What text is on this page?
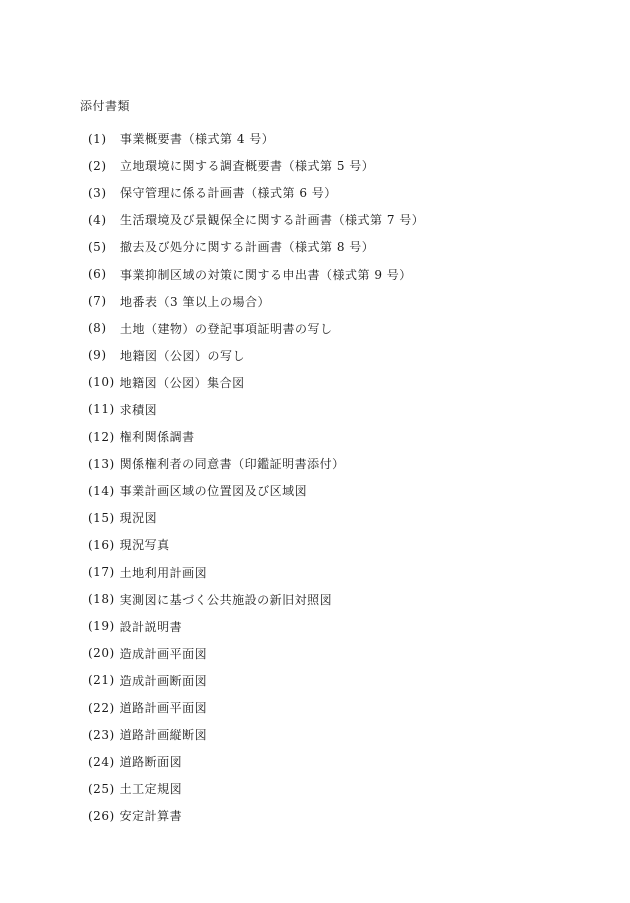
添付書類
(1)	事業概要書（様式第 4 号）
(2)	立地環境に関する調査概要書（様式第 5 号）
(3)	保守管理に係る計画書（様式第 6 号）
(4)	生活環境及び景観保全に関する計画書（様式第 7 号）
(5)	撤去及び処分に関する計画書（様式第 8 号）
(6)	事業抑制区域の対策に関する申出書（様式第 9 号）
(7)	地番表（3 筆以上の場合）
(8)	土地（建物）の登記事項証明書の写し
(9)	地籍図（公図）の写し
(10) 地籍図（公図）集合図
(11) 求積図
(12) 権利関係調書
(13) 関係権利者の同意書（印鑑証明書添付）
(14) 事業計画区域の位置図及び区域図
(15) 現況図
(16) 現況写真
(17) 土地利用計画図
(18) 実測図に基づく公共施設の新旧対照図
(19) 設計説明書
(20) 造成計画平面図
(21) 造成計画断面図
(22) 道路計画平面図
(23) 道路計画縦断図
(24) 道路断面図
(25) 土工定規図
(26) 安定計算書
